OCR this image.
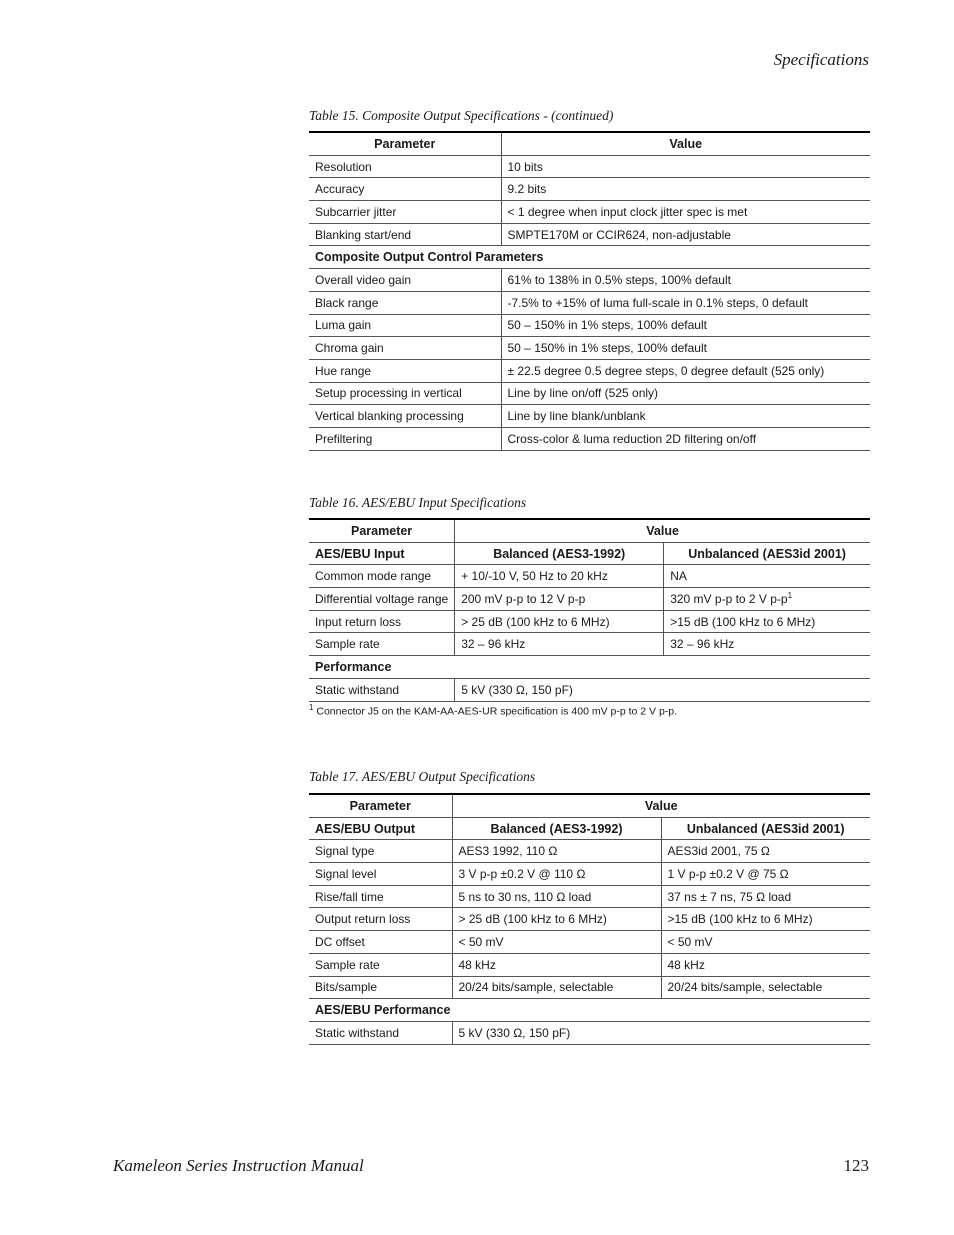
Specifications
Table 15. Composite Output Specifications - (continued)
Parameter	Value
Resolution	10 bits
Accuracy	9.2 bits
Subcarrier jitter	< 1 degree when input clock jitter spec is met
Blanking start/end	SMPTE170M or CCIR624, non-adjustable
Composite Output Control Parameters	
Overall video gain	61% to 138% in 0.5% steps, 100% default
Black range	-7.5% to +15% of luma full-scale in 0.1% steps, 0 default
Luma gain	50 – 150% in 1% steps, 100% default
Chroma gain	50 – 150% in 1% steps, 100% default
Hue range	± 22.5 degree 0.5 degree steps, 0 degree default (525 only)
Setup processing in vertical	Line by line on/off (525 only)
Vertical blanking processing	Line by line blank/unblank
Prefiltering	Cross-color & luma reduction 2D filtering on/off
Table 16. AES/EBU Input Specifications
Parameter	Value	
AES/EBU Input	Balanced (AES3-1992)	Unbalanced (AES3id 2001)
Common mode range	+ 10/-10 V, 50 Hz to 20 kHz	NA
Differential voltage range	200 mV p-p to 12 V p-p	320 mV p-p to 2 V $p-p^1$
Input return loss	> 25 dB (100 kHz to 6 MHz)	>15 dB (100 kHz to 6 MHz)
Sample rate	32 – 96 kHz	32 – 96 kHz
Performance		
Static withstand	5 kV (330 Ω, 150 pF)	
$^1$ Connector J5 on the KAM-AA-AES-UR specification is 400 mV p-p to 2 V p-p.
Table 17. AES/EBU Output Specifications
Parameter	Value	
AES/EBU Output	Balanced (AES3-1992)	Unbalanced (AES3id 2001)
Signal type	AES3 1992, 110 Ω	AES3id 2001, 75 Ω
Signal level	3 V p-p ±0.2 V @ 110 Ω	1 V p-p ±0.2 V @ 75 Ω
Rise/fall time	5 ns to 30 ns, 110 Ω load	37 ns ± 7 ns, 75 Ω load
Output return loss	> 25 dB (100 kHz to 6 MHz)	>15 dB (100 kHz to 6 MHz)
DC offset	< 50 mV	< 50 mV
Sample rate	48 kHz	48 kHz
Bits/sample	20/24 bits/sample, selectable	20/24 bits/sample, selectable
AES/EBU Performance		
Static withstand	5 kV (330 Ω, 150 pF)	
Kameleon Series Instruction Manual	123
